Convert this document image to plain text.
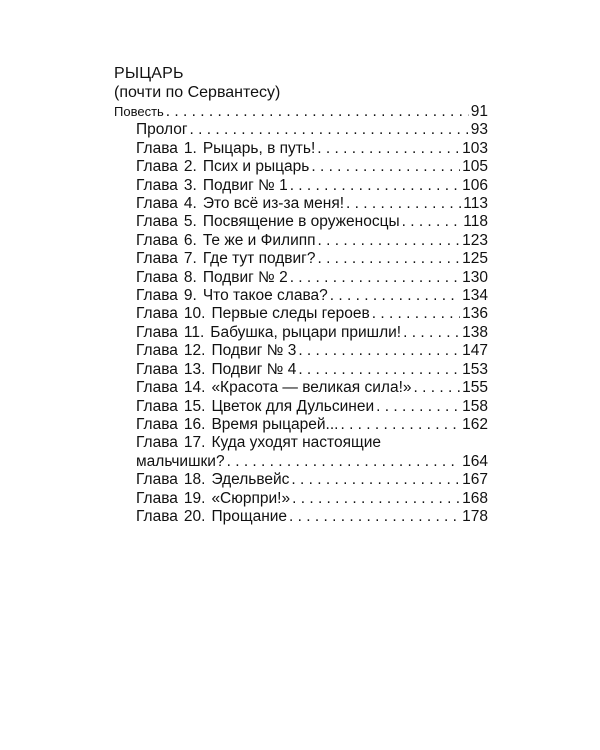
РЫЦАРЬ
(почти по Сервантесу)
Повесть . . .	91
Пролог . . .	93
Глава 1. Рыцарь, в путь! . . .	103
Глава 2. Псих и рыцарь . . .	105
Глава 3. Подвиг № 1 . . .	106
Глава 4. Это всё из-за меня! . . .	113
Глава 5. Посвящение в оруженосцы . . .	118
Глава 6. Те же и Филипп . . .	123
Глава 7. Где тут подвиг? . . .	125
Глава 8. Подвиг № 2 . . .	130
Глава 9. Что такое слава? . . .	134
Глава 10. Первые следы героев . . .	136
Глава 11. Бабушка, рыцари пришли! . . .	138
Глава 12. Подвиг № 3 . . .	147
Глава 13. Подвиг № 4 . . .	153
Глава 14. «Красота — великая сила!» . . .	155
Глава 15. Цветок для Дульсинеи . . .	158
Глава 16. Время рыцарей... . . .	162
Глава 17. Куда уходят настоящие
мальчишки? . . .	164
Глава 18. Эдельвейс . . .	167
Глава 19. «Сюрпри!» . . .	168
Глава 20. Прощание . . .	178
